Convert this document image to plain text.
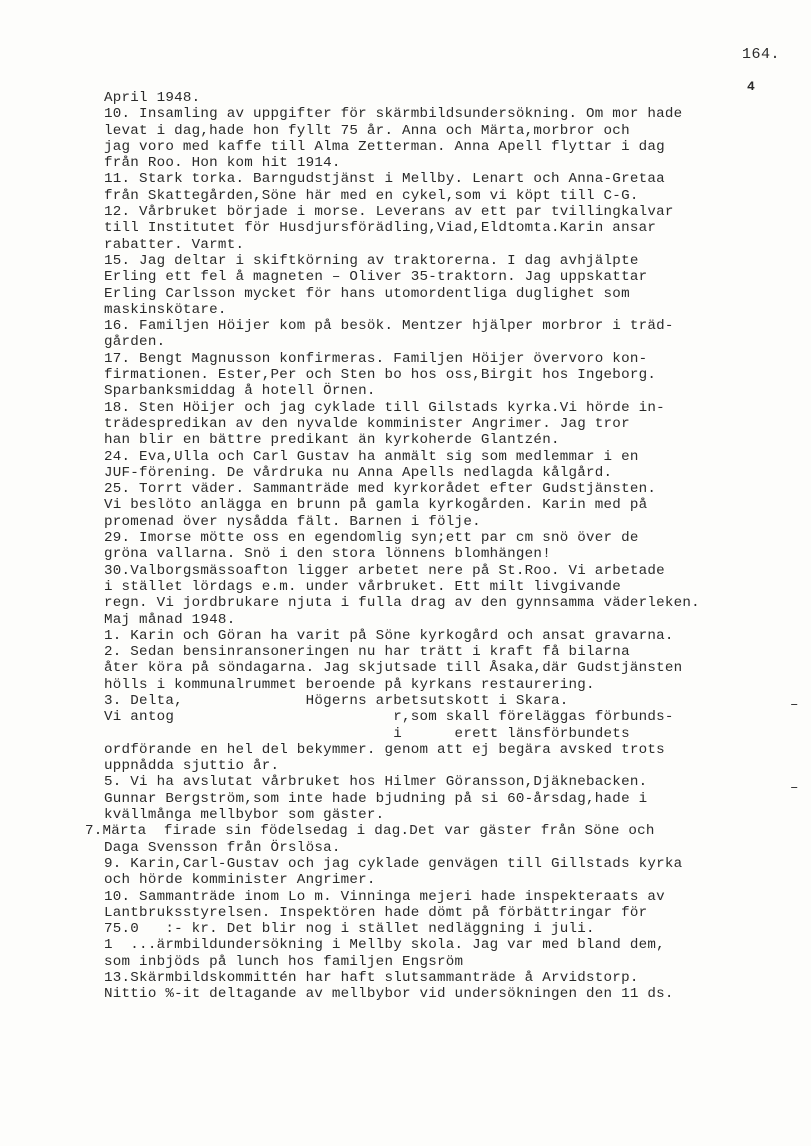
164.
4
April 1948.
10. Insamling av uppgifter för skärmbildsundersökning. Om mor hade
levat i dag,hade hon fyllt 75 år. Anna och Märta,morbror och
jag voro med kaffe till Alma Zetterman. Anna Apell flyttar i dag
från Roo. Hon kom hit 1914.
11. Stark torka. Barngudstjänst i Mellby. Lenart och Anna-Gretaa
från Skattegården,Söne här med en cykel,som vi köpt till C-G.
12. Vårbruket började i morse. Leverans av ett par tvillingkalvar
till Institutet för Husdjursförädling,Viad,Eldtomta.Karin ansar
rabatter. Varmt.
15. Jag deltar i skiftkörning av traktorerna. I dag avhjälpte
Erling ett fel å magneten – Oliver 35-traktorn. Jag uppskattar
Erling Carlsson mycket för hans utomordentliga duglighet som
maskinskötare.
16. Familjen Höijer kom på besök. Mentzer hjälper morbror i träd-
gården.
17. Bengt Magnusson konfirmeras. Familjen Höijer övervoro kon-
firmationen. Ester,Per och Sten bo hos oss,Birgit hos Ingeborg.
Sparbanksmiddag å hotell Örnen.
18. Sten Höijer och jag cyklade till Gilstads kyrka.Vi hörde in-
trädespredikan av den nyvalde komminister Angrimer. Jag tror
han blir en bättre predikant än kyrkoherde Glantzén.
24. Eva,Ulla och Carl Gustav ha anmält sig som medlemmar i en
JUF-förening. De vårdruka nu Anna Apells nedlagda kålgård.
25. Torrt väder. Sammanträde med kyrkorådet efter Gudstjänsten.
Vi beslöto anlägga en brunn på gamla kyrkogården. Karin med på
promenad över nysådda fält. Barnen i följe.
29. Imorse mötte oss en egendomlig syn;ett par cm snö över de
gröna vallarna. Snö i den stora lönnens blomhängen!
30.Valborgsmässoafton ligger arbetet nere på St.Roo. Vi arbetade
i stället lördags e.m. under vårbruket. Ett milt livgivande
regn. Vi jordbrukare njuta i fulla drag av den gynnsamma väderleken.
Maj månad 1948.
1. Karin och Göran ha varit på Söne kyrkogård och ansat gravarna.
2. Sedan bensinransoneringen nu har trätt i kraft få bilarna
åter köra på söndagarna. Jag skjutsade till Åsaka,där Gudstjänsten
hölls i kommunalrummet beroende på kyrkans restaurering.
3. Delta,              Högerns arbetsutskott i Skara.
Vi antog                         r,som skall föreläggas förbunds-
i      erett länsförbundets
ordförande en hel del bekymmer. genom att ej begära avsked trots
uppnådda sjuttio år.
5. Vi ha avslutat vårbruket hos Hilmer Göransson,Djäknebacken.
Gunnar Bergström,som inte hade bjudning på si 60-årsdag,hade i
kvällmånga mellbybor som gäster.
7.Märta  firade sin födelsedag i dag.Det var gäster från Söne och
Daga Svensson från Örslösa.
9. Karin,Carl-Gustav och jag cyklade genvägen till Gillstads kyrka
och hörde komminister Angrimer.
10. Sammanträde inom Lo m. Vinninga mejeri hade inspekteraats av
Lantbruksstyrelsen. Inspektören hade dömt på förbättringar för
75.0   :- kr. Det blir nog i stället nedläggning i juli.
1  ...ärmbildundersökning i Mellby skola. Jag var med bland dem,
som inbjöds på lunch hos familjen Engsröm
13.Skärmbildskommittén har haft slutsammanträde å Arvidstorp.
Nittio %-it deltagande av mellbybor vid undersökningen den 11 ds.
–
–
